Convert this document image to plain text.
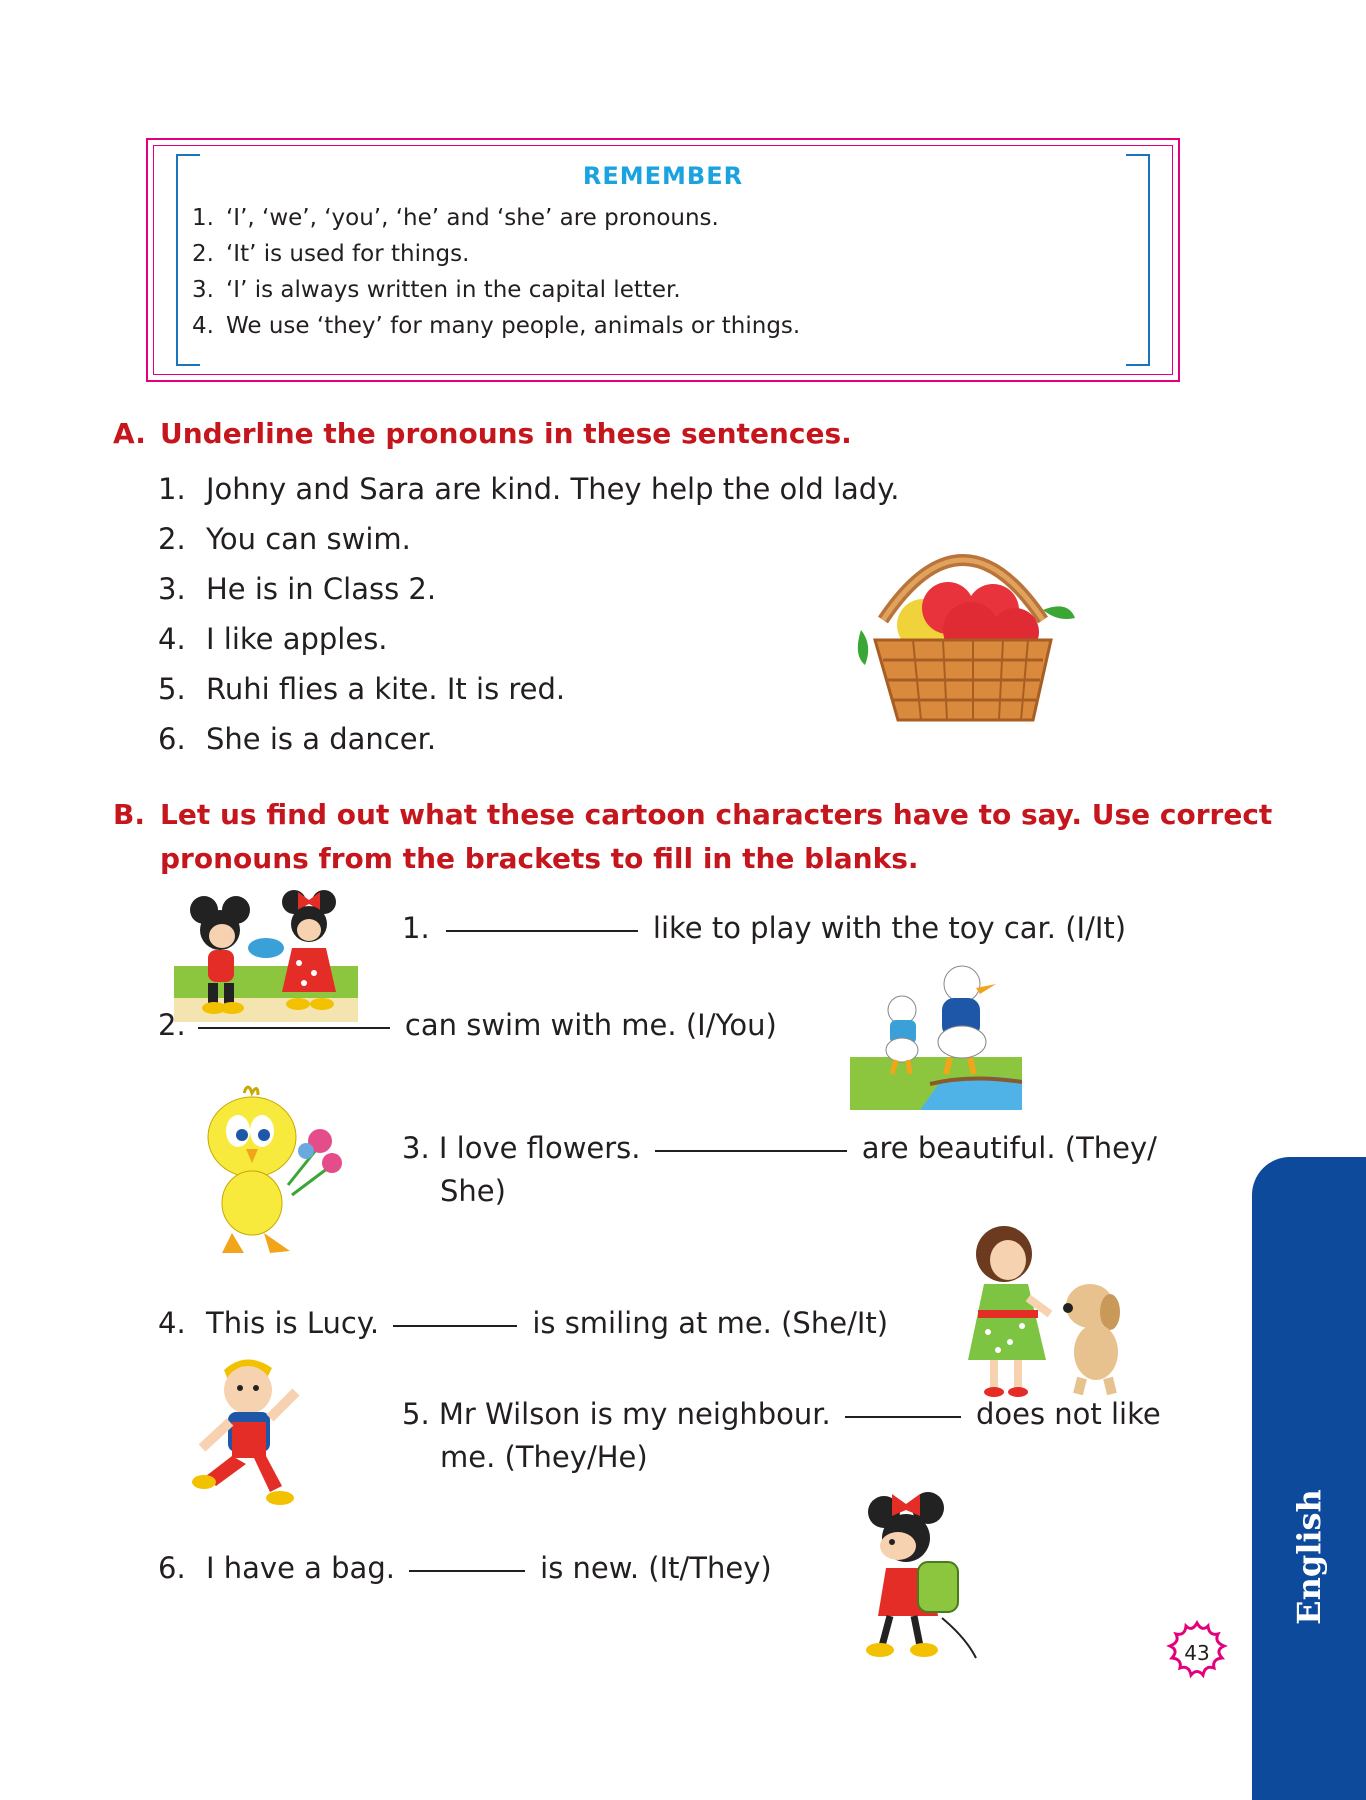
REMEMBER
1. ‘I’, ‘we’, ‘you’, ‘he’ and ‘she’ are pronouns.
2. ‘It’ is used for things.
3. ‘I’ is always written in the capital letter.
4. We use ‘they’ for many people, animals or things.
A. Underline the pronouns in these sentences.
1. Johny and Sara are kind. They help the old lady.
2. You can swim.
3. He is in Class 2.
4. I like apples.
5. Ruhi flies a kite. It is red.
6. She is a dancer.
B. Let us find out what these cartoon characters have to say. Use correct
pronouns from the brackets to fill in the blanks.
1.	like to play with the toy car. (I/It)
2.	can swim with me. (I/You)
3. I love flowers.	are beautiful. (They/
She)
4. This is Lucy.	is smiling at me. (She/It)
5. Mr Wilson is my neighbour.	does not like
me. (They/He)
6. I have a bag.	is new. (It/They)
43
English
